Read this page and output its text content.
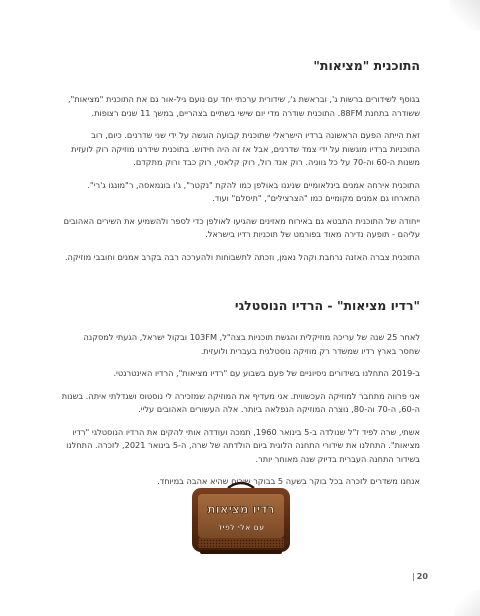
התוכנית "מציאות"

בגוסף לשידורים ברשות ג', ובראשת ג', שידורית ערכתי יחד עם נועם גיל-אור גם את התוכנית "מציאות", ששודרה בתחנת 88FM. התוכנית שודרה מדי יום שישי בשתיים בצהריים, במשך 11 שנים רצופות.

זאת הייתה הפעם הראשונה ברדיו הישראלי שתוכנית קבועה הוגשה על ידי שני שדרנים. כיום, רוב התוכניות ברדיו מוגשות על ידי צמד שדרנים, אבל אז זה היה חידוש. בתוכנית שידרנו מוזיקה רוק לועזית משנות ה-60 וה-70 על כל גווניה. רוק אנד רול, רוק קלאסי, רוק כבד ורוק מתקדם.

התוכנית אירחה אמנים בינלאומיים שניגנו באולפן כמו להקת "נקטר", ג'ו בונמאסה, ר"מונגו ג'רי". התארחו גם אמנים מקומיים כמו "הצרצילים", "תיסלם" ועוד.

ייחודה של התוכנית התבטא גם באירוח מאזינים שהגיעו לאולפן כדי לספר ולהשמיע את השירים האהובים עליהם - תופעה נדירה מאוד בפורמט של תוכניות רדיו בישראל.

התוכנית צברה האזנה נרחבת וקהל נאמן, וזכתה לתשבוחות ולהערכה רבה בקרב אמנים וחובבי מוזיקה.

"רדיו מציאות" - הרדיו הנוסטלגי

לאחר 25 שנה של עריכה מוזיקלית והגשת תוכניות בצה"ל, 103FM ובקול ישראל, הגעתי למסקנה שחסר בארץ רדיו שמשדר רק מוזיקה נוסטלגית בעברית ולועזית.

ב-2019 התחלנו בשידורים ניסיוניים של פעם בשבוע עם "רדיו מציאות", הרדיו האינטרנטי.

אני פרווה מתחבר למוזיקה העכשווית. אני מעדיף את המוזיקה שמזכירה לי נוסטוס ושגדלתי איתה. בשנות ה-60, ה-70 וה-80, נוצרה המוזיקה הנפלאה ביותר. אלה העשורים האהובים עליי.

אשתי, שרה לפיד ז"ל שנולדה ב-5 בינואר 1960, תמכה ועודדה אותי להקים את הרדיו הנוסטלגי "רדיו מציאות". התחלנו את שידורי התחנה הלוגית ביום הולדתה של שרה, ה-5 בינואר 2021, לזכרה. התחלנו בשידור התחנה העברית בדיוק שנה מאוחר יותר.

אנחנו משדרים לזכרה בכל בוקר בשעה 5 בבוקר שירים שהיא אהבה במיוחד.

רדיו מציאות
עם אלי לפיד
20
